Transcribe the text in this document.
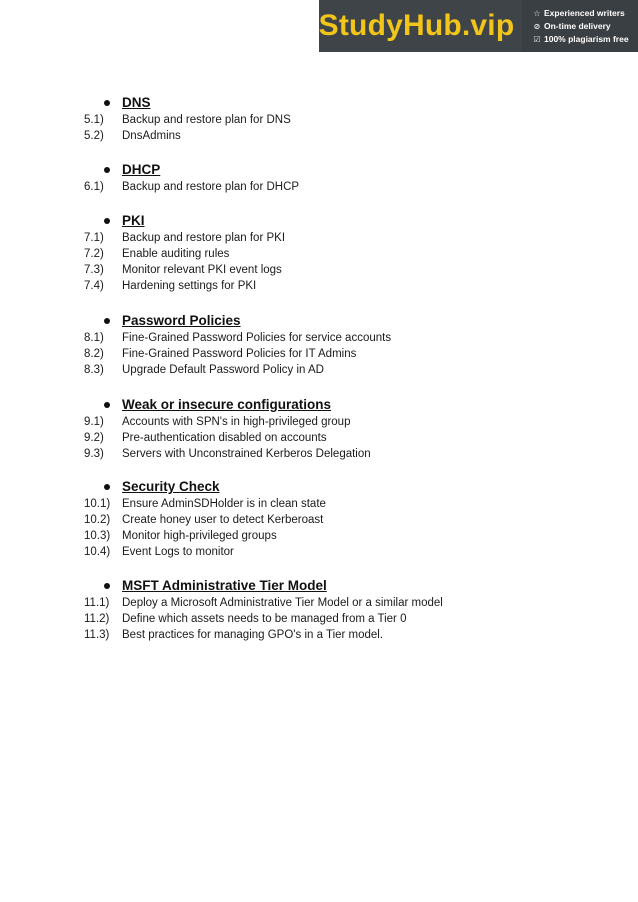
StudyHub.vip ☆ Experienced writers
⊘ On-time delivery
☑ 100% plagiarism free
DNS
5.1) Backup and restore plan for DNS
5.2) DnsAdmins
DHCP
6.1) Backup and restore plan for DHCP
PKI
7.1) Backup and restore plan for PKI
7.2) Enable auditing rules
7.3) Monitor relevant PKI event logs
7.4) Hardening settings for PKI
Password Policies
8.1) Fine-Grained Password Policies for service accounts
8.2) Fine-Grained Password Policies for IT Admins
8.3) Upgrade Default Password Policy in AD
Weak or insecure configurations
9.1) Accounts with SPN's in high-privileged group
9.2) Pre-authentication disabled on accounts
9.3) Servers with Unconstrained Kerberos Delegation
Security Check
10.1) Ensure AdminSDHolder is in clean state
10.2) Create honey user to detect Kerberoast
10.3) Monitor high-privileged groups
10.4) Event Logs to monitor
MSFT Administrative Tier Model
11.1) Deploy a Microsoft Administrative Tier Model or a similar model
11.2) Define which assets needs to be managed from a Tier 0
11.3) Best practices for managing GPO's in a Tier model.
